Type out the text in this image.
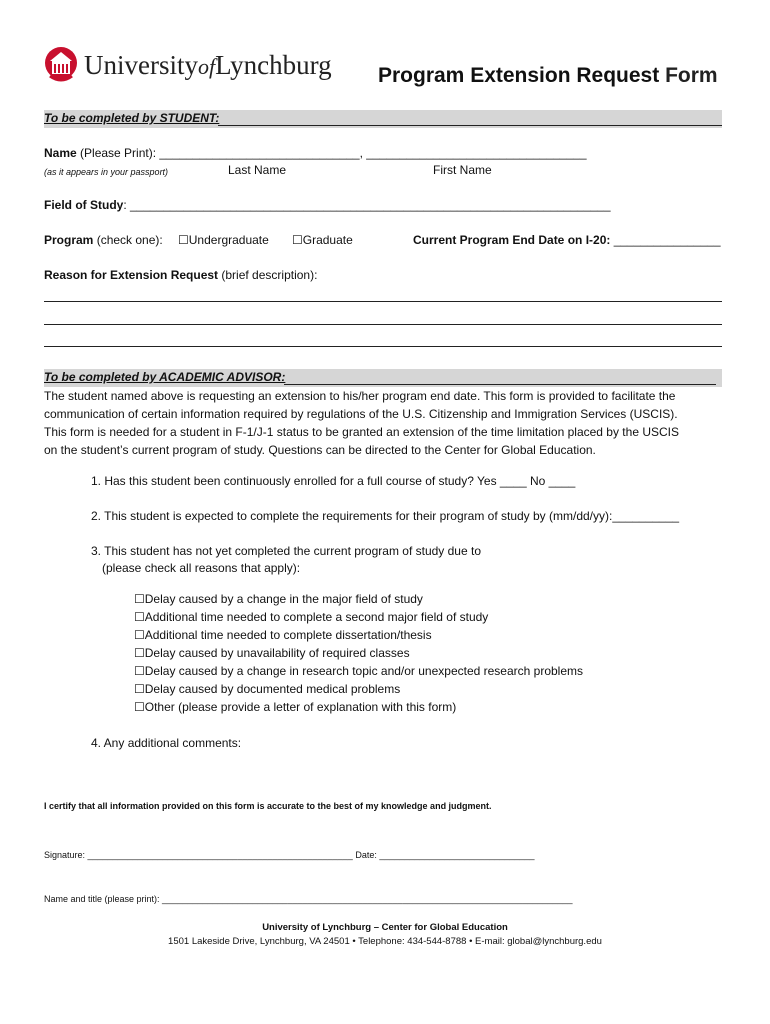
UniversityofLynchburg Program Extension Request Form
To be completed by STUDENT:
Name (Please Print): ______________________________, _________________________________
(as it appears in your passport)	Last Name	First Name
Field of Study: ________________________________________________________________________
Program (check one): ☐Undergraduate ☐Graduate	Current Program End Date on I-20: ________________
Reason for Extension Request (brief description):
To be completed by ACADEMIC ADVISOR:
The student named above is requesting an extension to his/her program end date. This form is provided to facilitate the
communication of certain information required by regulations of the U.S. Citizenship and Immigration Services (USCIS).
This form is needed for a student in F-1/J-1 status to be granted an extension of the time limitation placed by the USCIS
on the student’s current program of study. Questions can be directed to the Center for Global Education.
1. Has this student been continuously enrolled for a full course of study? Yes ____ No ____
2. This student is expected to complete the requirements for their program of study by (mm/dd/yy):__________
3. This student has not yet completed the current program of study due to
(please check all reasons that apply):
☐Delay caused by a change in the major field of study
☐Additional time needed to complete a second major field of study
☐Additional time needed to complete dissertation/thesis
☐Delay caused by unavailability of required classes
☐Delay caused by a change in research topic and/or unexpected research problems
☐Delay caused by documented medical problems
☐Other (please provide a letter of explanation with this form)
4. Any additional comments:
I certify that all information provided on this form is accurate to the best of my knowledge and judgment.
Signature: _____________________________________________________ Date: _______________________________
Name and title (please print): __________________________________________________________________________________
University of Lynchburg – Center for Global Education
1501 Lakeside Drive, Lynchburg, VA 24501 • Telephone: 434-544-8788 • E-mail: global@lynchburg.edu
